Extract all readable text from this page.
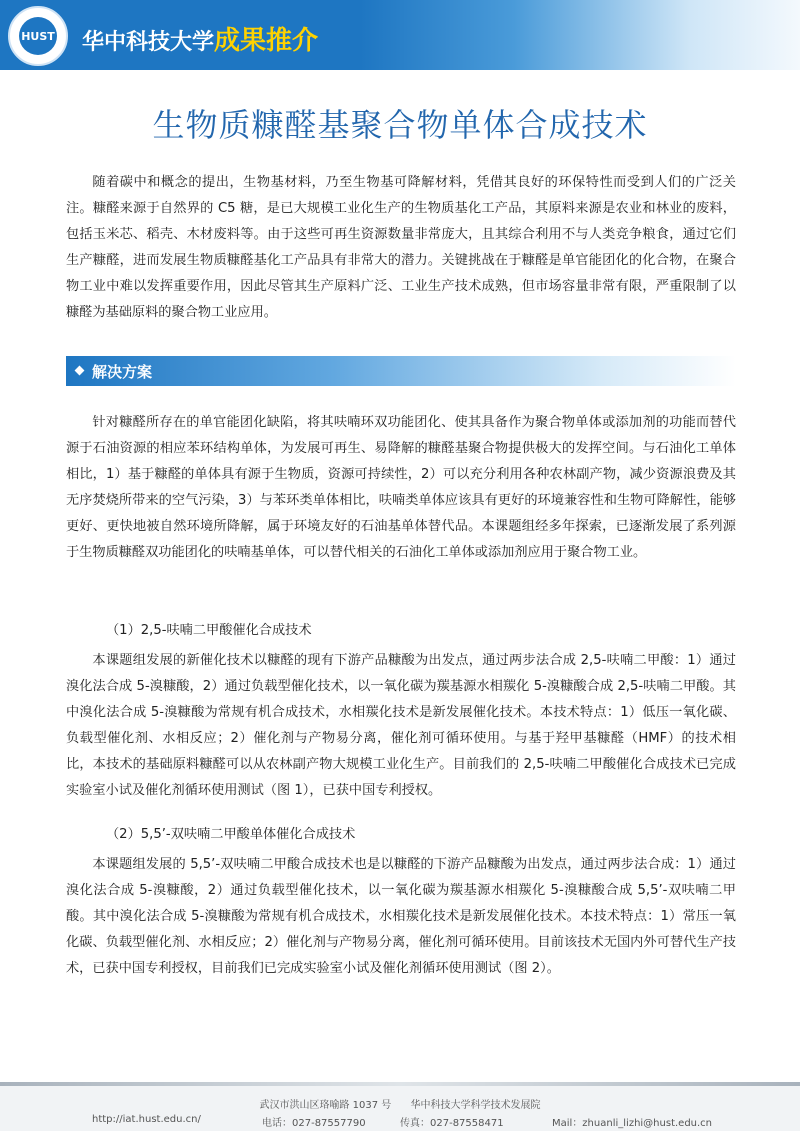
HUST 华中科技大学成果推介
生物质糠醛基聚合物单体合成技术

随着碳中和概念的提出，生物基材料，乃至生物基可降解材料，凭借其良好的环保特性而受到人们的广泛关注。糠醛来源于自然界的 C5 糖，是已大规模工业化生产的生物质基化工产品，其原料来源是农业和林业的废料，包括玉米芯、稻壳、木材废料等。由于这些可再生资源数量非常庞大，且其综合利用不与人类竞争粮食，通过它们生产糠醛，进而发展生物质糠醛基化工产品具有非常大的潜力。关键挑战在于糠醛是单官能团化的化合物，在聚合物工业中难以发挥重要作用，因此尽管其生产原料广泛、工业生产技术成熟，但市场容量非常有限，严重限制了以糠醛为基础原料的聚合物工业应用。

解决方案

针对糠醛所存在的单官能团化缺陷，将其呋喃环双功能团化、使其具备作为聚合物单体或添加剂的功能而替代源于石油资源的相应苯环结构单体，为发展可再生、易降解的糠醛基聚合物提供极大的发挥空间。与石油化工单体相比，1）基于糠醛的单体具有源于生物质，资源可持续性，2）可以充分利用各种农林副产物，减少资源浪费及其无序焚烧所带来的空气污染，3）与苯环类单体相比，呋喃类单体应该具有更好的环境兼容性和生物可降解性，能够更好、更快地被自然环境所降解，属于环境友好的石油基单体替代品。本课题组经多年探索，已逐渐发展了系列源于生物质糠醛双功能团化的呋喃基单体，可以替代相关的石油化工单体或添加剂应用于聚合物工业。

（1）2,5-呋喃二甲酸催化合成技术

本课题组发展的新催化技术以糠醛的现有下游产品糠酸为出发点，通过两步法合成 2,5-呋喃二甲酸：1）通过溴化法合成 5-溴糠酸，2）通过负载型催化技术，以一氧化碳为羰基源水相羰化 5-溴糠酸合成 2,5-呋喃二甲酸。其中溴化法合成 5-溴糠酸为常规有机合成技术，水相羰化技术是新发展催化技术。本技术特点：1）低压一氧化碳、负载型催化剂、水相反应；2）催化剂与产物易分离，催化剂可循环使用。与基于羟甲基糠醛（HMF）的技术相比，本技术的基础原料糠醛可以从农林副产物大规模工业化生产。目前我们的 2,5-呋喃二甲酸催化合成技术已完成实验室小试及催化剂循环使用测试（图 1），已获中国专利授权。

（2）5,5’-双呋喃二甲酸单体催化合成技术

本课题组发展的 5,5’-双呋喃二甲酸合成技术也是以糠醛的下游产品糠酸为出发点，通过两步法合成：1）通过溴化法合成 5-溴糠酸，2）通过负载型催化技术，以一氧化碳为羰基源水相羰化 5-溴糠酸合成 5,5’-双呋喃二甲酸。其中溴化法合成 5-溴糠酸为常规有机合成技术，水相羰化技术是新发展催化技术。本技术特点：1）常压一氧化碳、负载型催化剂、水相反应；2）催化剂与产物易分离，催化剂可循环使用。目前该技术无国内外可替代生产技术，已获中国专利授权，目前我们已完成实验室小试及催化剂循环使用测试（图 2）。

武汉市洪山区珞喻路 1037 号 华中科技大学科学技术发展院
http://iat.hust.edu.cn/	电话：027-87557790	传真：027-87558471	Mail：zhuanli_lizhi@hust.edu.cn
